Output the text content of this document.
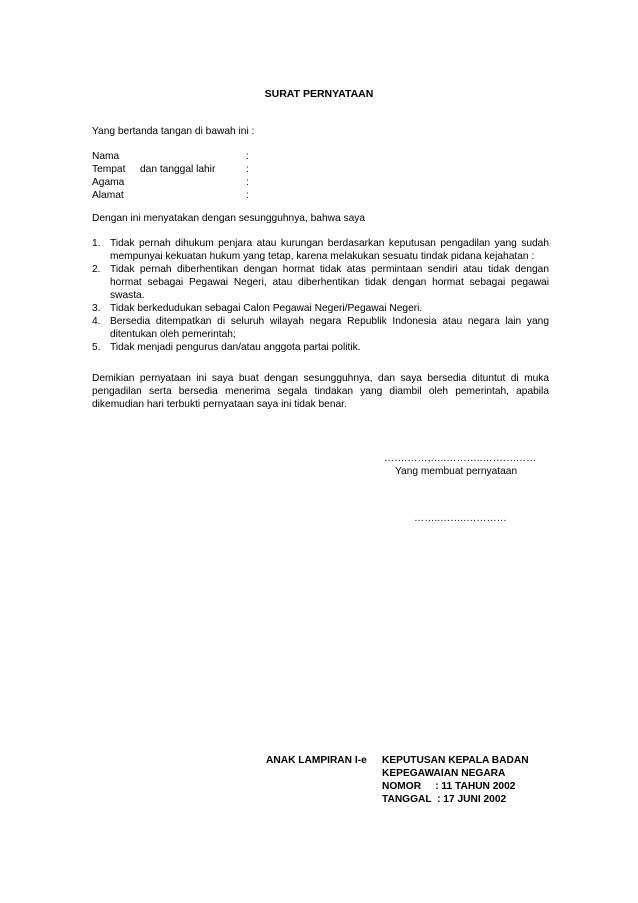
SURAT PERNYATAAN
Yang bertanda tangan di bawah ini :
Nama	:
Tempat dan tanggal lahir	:
Agama	:
Alamat	:
Dengan ini menyatakan dengan sesungguhnya, bahwa saya
1. Tidak pernah dihukum penjara atau kurungan berdasarkan keputusan pengadilan yang sudah mempunyai kekuatan hukum yang tetap, karena melakukan sesuatu tindak pidana kejahatan :
2. Tidak pernah diberhentikan dengan hormat tidak atas permintaan sendiri atau tidak dengan hormat sebagai Pegawai Negeri, atau diberhentikan tidak dengan hormat sebagai pegawai swasta.
3. Tidak berkedudukan sebagai Calon Pegawai Negeri/Pegawai Negeri.
4. Bersedia ditempatkan di seluruh wilayah negara Republik Indonesia atau negara lain yang ditentukan oleh pemerintah;
5. Tidak menjadi pengurus dan/atau anggota partai politik.
Demikian pernyataan ini saya buat dengan sesungguhnya, dan saya bersedia dituntut di muka pengadilan serta bersedia menerima segala tindakan yang diambil oleh pemerintah, apabila dikemudian hari terbukti pernyataan saya ini tidak benar.
…….……,…..………..……….……
Yang membuat pernyataan
……..……..…………
ANAK LAMPIRAN I-e KEPUTUSAN KEPALA BADAN
KEPEGAWAIAN NEGARA
NOMOR     : 11 TAHUN 2002
TANGGAL  : 17 JUNI 2002
